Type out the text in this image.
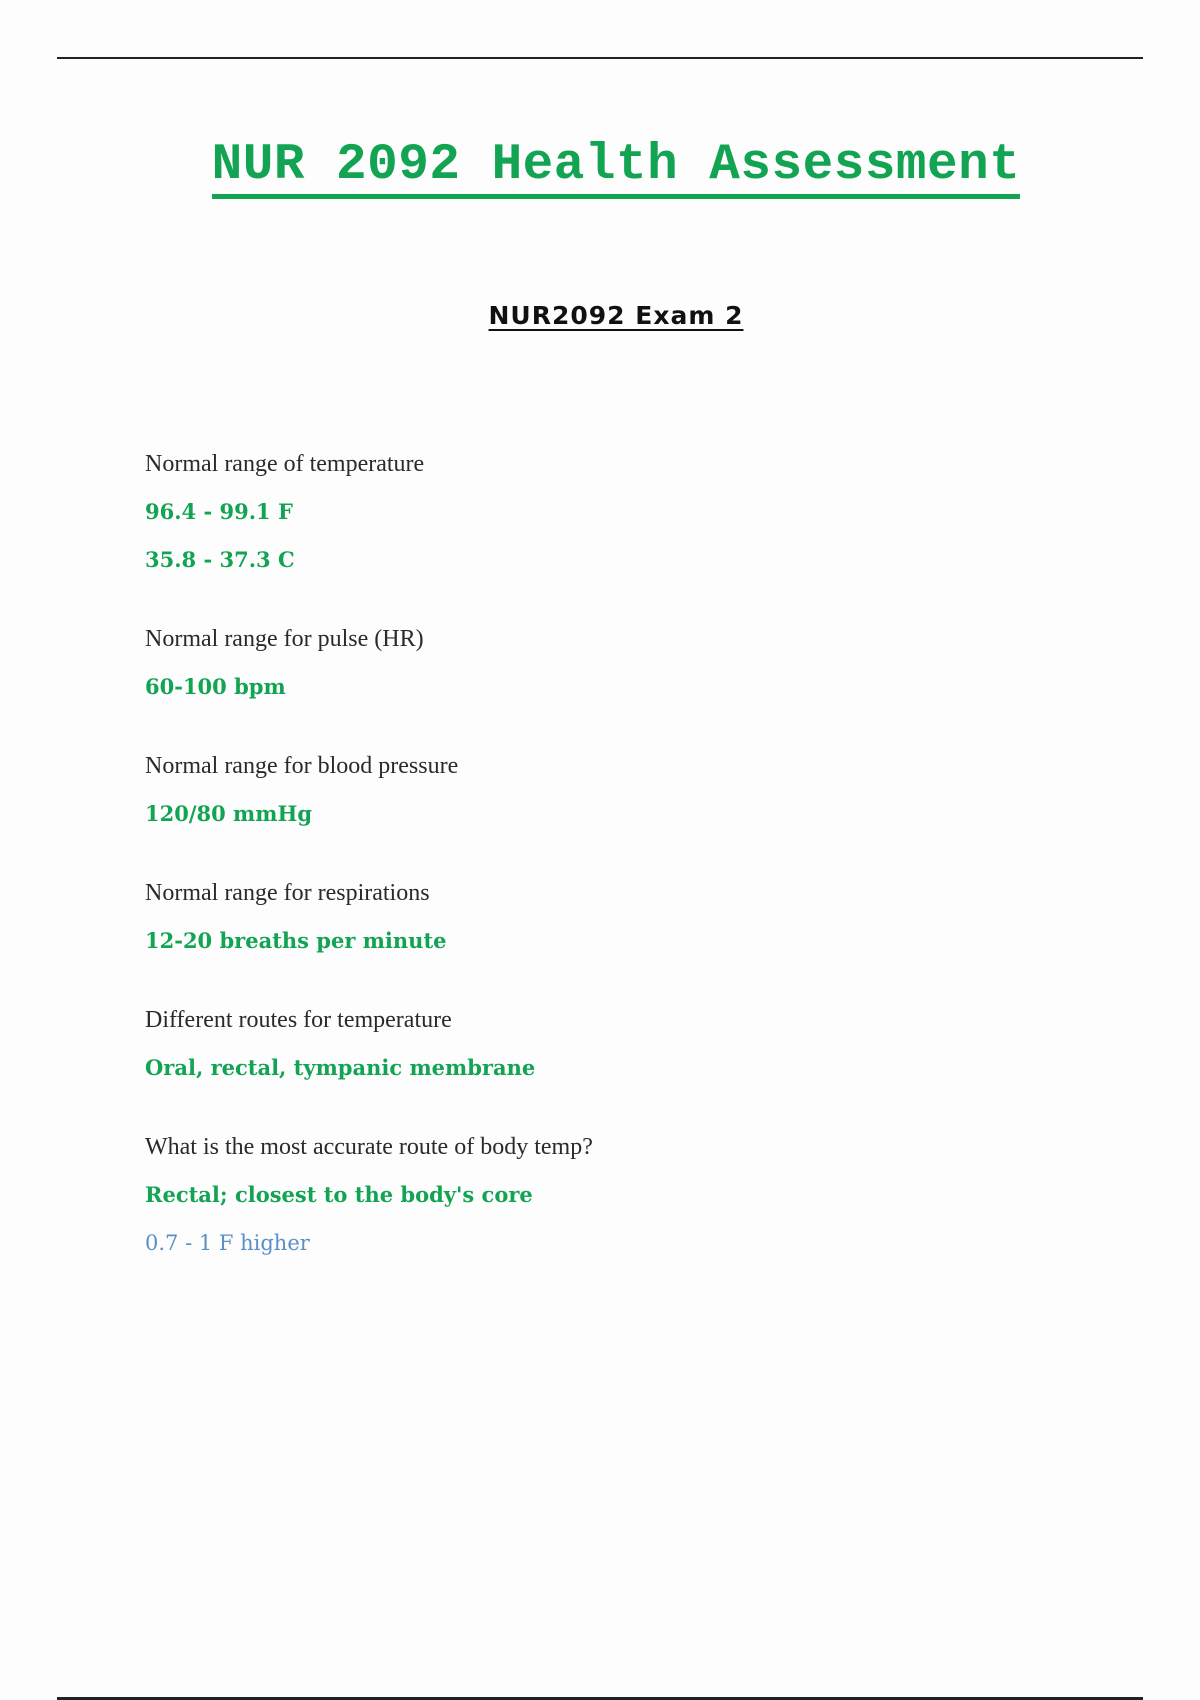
NUR 2092 Health Assessment
NUR2092 Exam 2
Normal range of temperature
96.4 - 99.1 F
35.8 - 37.3 C
Normal range for pulse (HR)
60-100 bpm
Normal range for blood pressure
120/80 mmHg
Normal range for respirations
12-20 breaths per minute
Different routes for temperature
Oral, rectal, tympanic membrane
What is the most accurate route of body temp?
Rectal; closest to the body's core
0.7 - 1 F higher
